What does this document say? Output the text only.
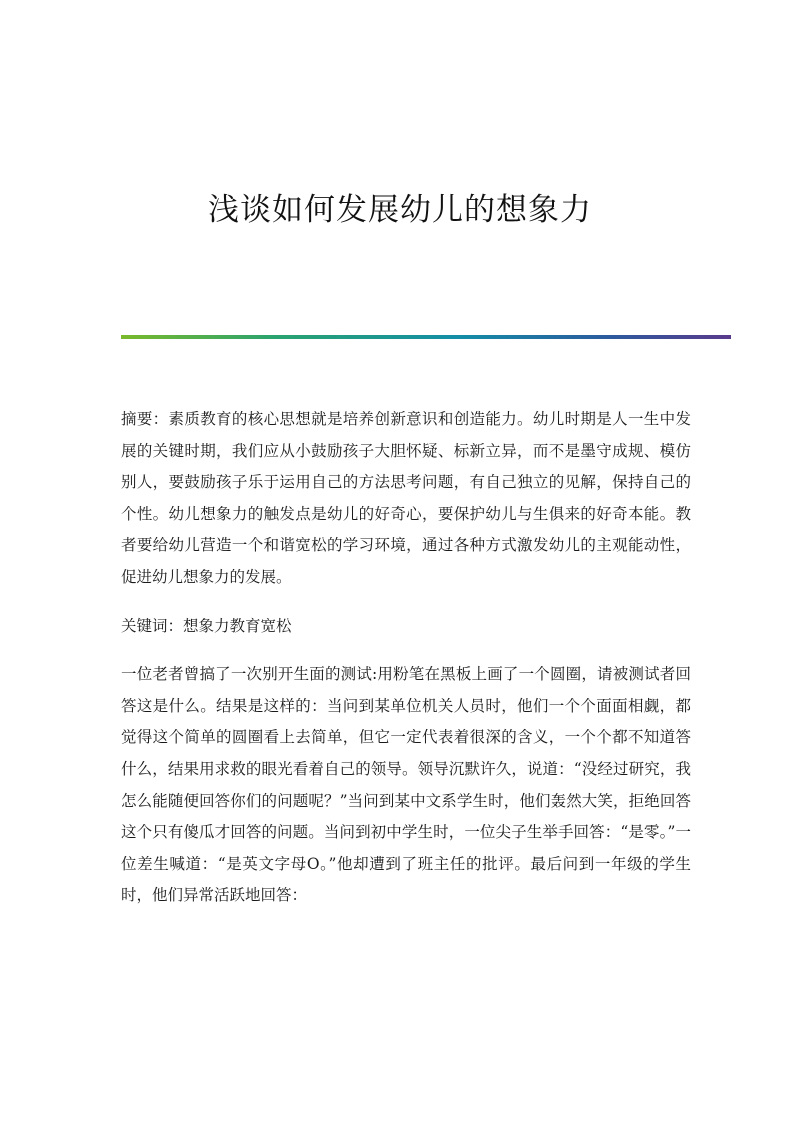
浅谈如何发展幼儿的想象力

摘要：素质教育的核心思想就是培养创新意识和创造能力。幼儿时期是人一生中发展的关键时期，我们应从小鼓励孩子大胆怀疑、标新立异，而不是墨守成规、模仿别人，要鼓励孩子乐于运用自己的方法思考问题，有自己独立的见解，保持自己的个性。幼儿想象力的触发点是幼儿的好奇心，要保护幼儿与生俱来的好奇本能。教者要给幼儿营造一个和谐宽松的学习环境，通过各种方式激发幼儿的主观能动性，促进幼儿想象力的发展。

关键词：想象力教育宽松

一位老者曾搞了一次别开生面的测试:用粉笔在黑板上画了一个圆圈，请被测试者回答这是什么。结果是这样的：当问到某单位机关人员时，他们一个个面面相觑，都觉得这个简单的圆圈看上去简单，但它一定代表着很深的含义，一个个都不知道答什么，结果用求救的眼光看着自己的领导。领导沉默许久，说道：“没经过研究，我怎么能随便回答你们的问题呢？”当问到某中文系学生时，他们轰然大笑，拒绝回答这个只有傻瓜才回答的问题。当问到初中学生时，一位尖子生举手回答：“是零。”一位差生喊道：“是英文字母O。”他却遭到了班主任的批评。最后问到一年级的学生时，他们异常活跃地回答：
